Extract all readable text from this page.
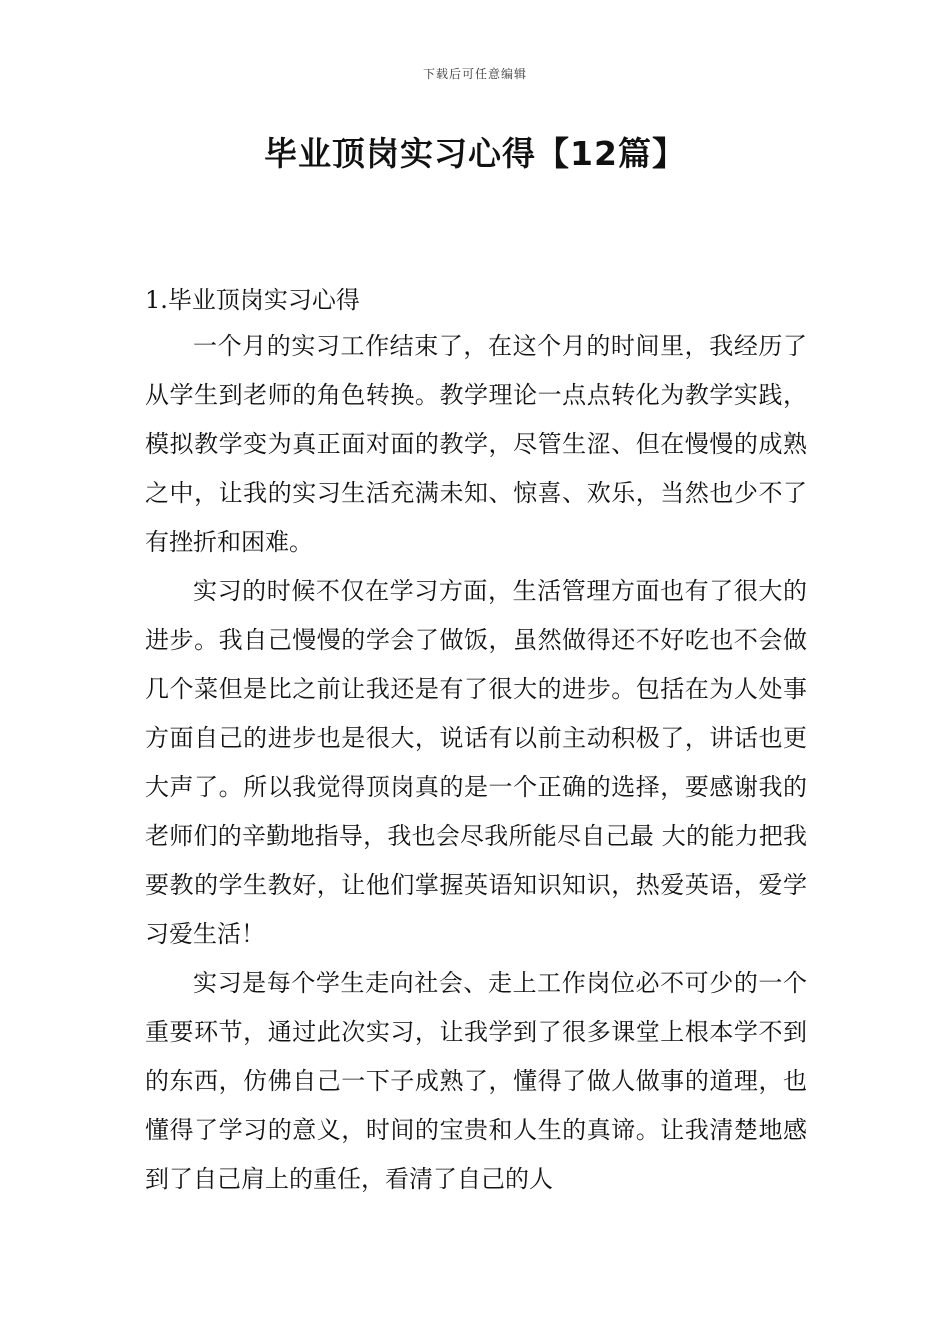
下载后可任意编辑
毕业顶岗实习心得【12篇】

1.毕业顶岗实习心得

一个月的实习工作结束了，在这个月的时间里，我经历了从学生到老师的角色转换。教学理论一点点转化为教学实践，模拟教学变为真正面对面的教学，尽管生涩、但在慢慢的成熟之中，让我的实习生活充满未知、惊喜、欢乐，当然也少不了有挫折和困难。

实习的时候不仅在学习方面，生活管理方面也有了很大的进步。我自己慢慢的学会了做饭，虽然做得还不好吃也不会做几个菜但是比之前让我还是有了很大的进步。包括在为人处事方面自己的进步也是很大，说话有以前主动积极了，讲话也更大声了。所以我觉得顶岗真的是一个正确的选择，要感谢我的老师们的辛勤地指导，我也会尽我所能尽自己最 大的能力把我要教的学生教好，让他们掌握英语知识知识，热爱英语，爱学习爱生活！

实习是每个学生走向社会、走上工作岗位必不可少的一个重要环节，通过此次实习，让我学到了很多课堂上根本学不到的东西，仿佛自己一下子成熟了，懂得了做人做事的道理，也懂得了学习的意义，时间的宝贵和人生的真谛。让我清楚地感到了自己肩上的重任，看清了自己的人
